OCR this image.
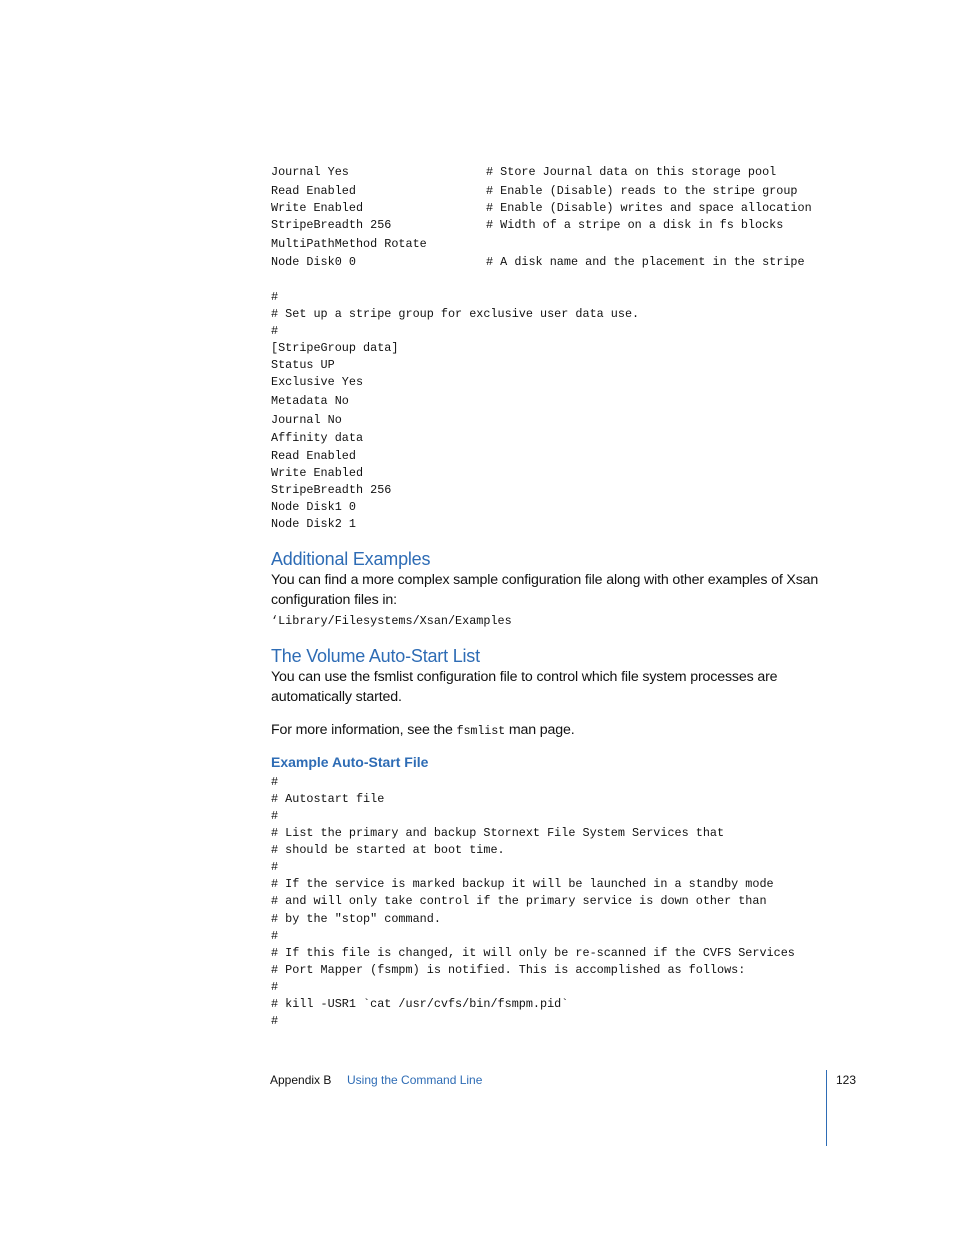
Journal Yes	# Store Journal data on this storage pool
Read Enabled	# Enable (Disable) reads to the stripe group
Write Enabled	# Enable (Disable) writes and space allocation
StripeBreadth 256	# Width of a stripe on a disk in fs blocks
MultiPathMethod Rotate
Node Disk0 0	# A disk name and the placement in the stripe
#
# Set up a stripe group for exclusive user data use.
#
[StripeGroup data]
Status UP
Exclusive Yes
Metadata No
Journal No
Affinity data
Read Enabled
Write Enabled
StripeBreadth 256
Node Disk1 0
Node Disk2 1
Additional Examples

You can find a more complex sample configuration file along with other examples of Xsan configuration files in:

‘Library/Filesystems/Xsan/Examples
The Volume Auto-Start List

You can use the fsmlist configuration file to control which file system processes are automatically started.

For more information, see the fsmlist man page.

Example Auto-Start File
#
# Autostart file
#
# List the primary and backup Stornext File System Services that
# should be started at boot time.
#
# If the service is marked backup it will be launched in a standby mode
# and will only take control if the primary service is down other than
# by the "stop" command.
#
# If this file is changed, it will only be re-scanned if the CVFS Services
# Port Mapper (fsmpm) is notified. This is accomplished as follows:
#
# kill -USR1 `cat /usr/cvfs/bin/fsmpm.pid`
#
Appendix B Using the Command Line	123
